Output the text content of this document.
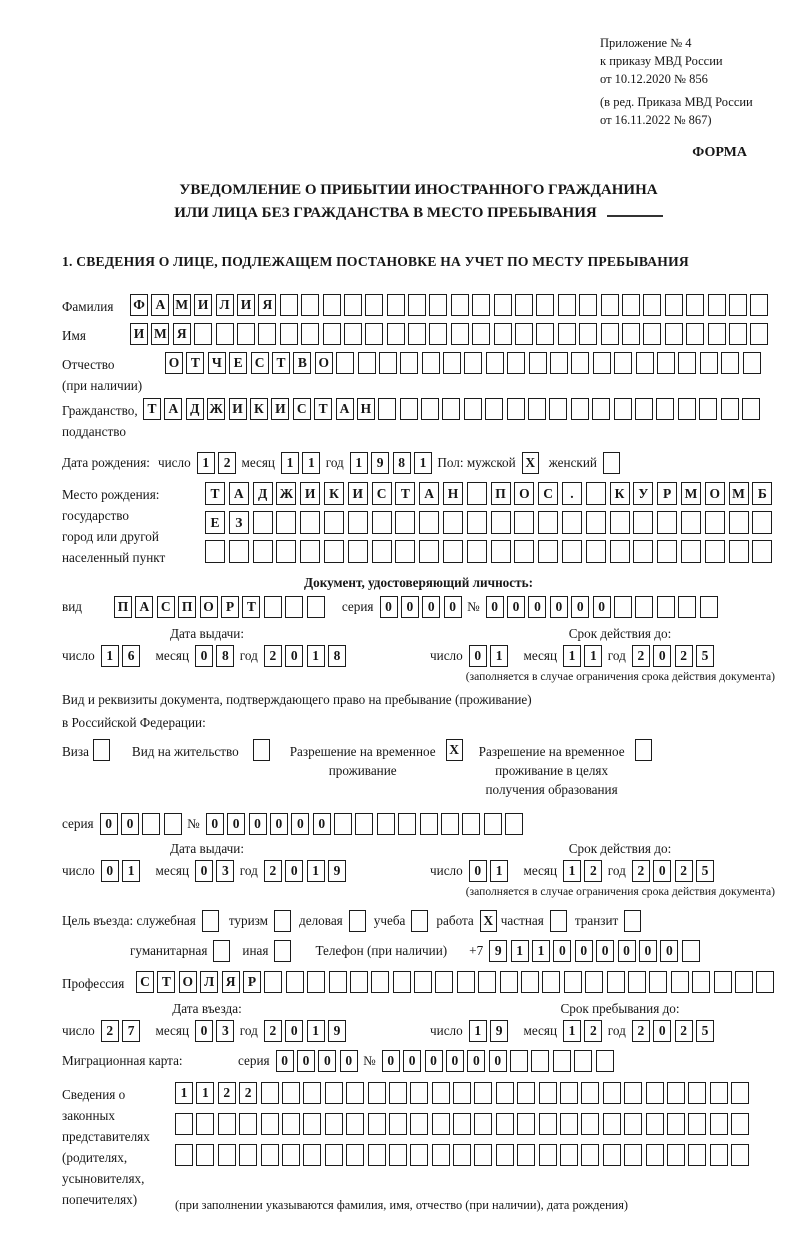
Приложение № 4
к приказу МВД России
от 10.12.2020 № 856
(в ред. Приказа МВД России
от 16.11.2022 № 867)
ФОРМА
УВЕДОМЛЕНИЕ О ПРИБЫТИИ ИНОСТРАННОГО ГРАЖДАНИНА
ИЛИ ЛИЦА БЕЗ ГРАЖДАНСТВА В МЕСТО ПРЕБЫВАНИЯ
1. СВЕДЕНИЯ О ЛИЦЕ, ПОДЛЕЖАЩЕМ ПОСТАНОВКЕ НА УЧЕТ ПО МЕСТУ ПРЕБЫВАНИЯ
Фамилия	Ф А М И Л И Я
Имя	И М Я
Отчество
(при наличии)
О Т Ч Е С Т В О
Гражданство,
подданство
Т А Д Ж И К И С Т А Н
Дата рождения: число 1 2 месяц 1 1 год 1 9 8 1 Пол: мужской X	женский
Место рождения:
государство
город или другой
населенный пункт
Т А Д Ж И К И С Т А Н	П О С .	К У Р М О М Б
Е З

Документ, удостоверяющий личность:
вид	П А С П О Р Т	серия 0 0 0 0 № 0 0 0 0 0 0
Дата выдачи:
число 1 6	месяц 0 8 год 2 0 1 8
Срок действия до:
число 0 1	месяц 1 1 год 2 0 2 5
(заполняется в случае ограничения срока действия документа)
Вид и реквизиты документа, подтверждающего право на пребывание (проживание)
в Российской Федерации:
Виза	Вид на жительство	Разрешение на временное
проживание
X Разрешение на временное
проживание в целях
получения образования
серия 0 0	№ 0 0 0 0 0 0
Дата выдачи:
число 0 1	месяц 0 3 год 2 0 1 9
Срок действия до:
число 0 1	месяц 1 2 год 2 0 2 5
(заполняется в случае ограничения срока действия документа)
Цель въезда: служебная	туризм	деловая	учеба	работа X частная	транзит
гуманитарная	иная	Телефон (при наличии)	+7 9 1 1 0 0 0 0 0 0
Профессия	С Т О Л Я Р
Дата въезда:
число 2 7	месяц 0 3 год 2 0 1 9
Срок пребывания до:
число 1 9	месяц 1 2 год 2 0 2 5
Миграционная карта:	серия 0 0 0 0 № 0 0 0 0 0 0
Сведения о
законных
представителях
(родителях,
усыновителях,
попечителях)
1 1 2 2

(при заполнении указываются фамилия, имя, отчество (при наличии), дата рождения)
